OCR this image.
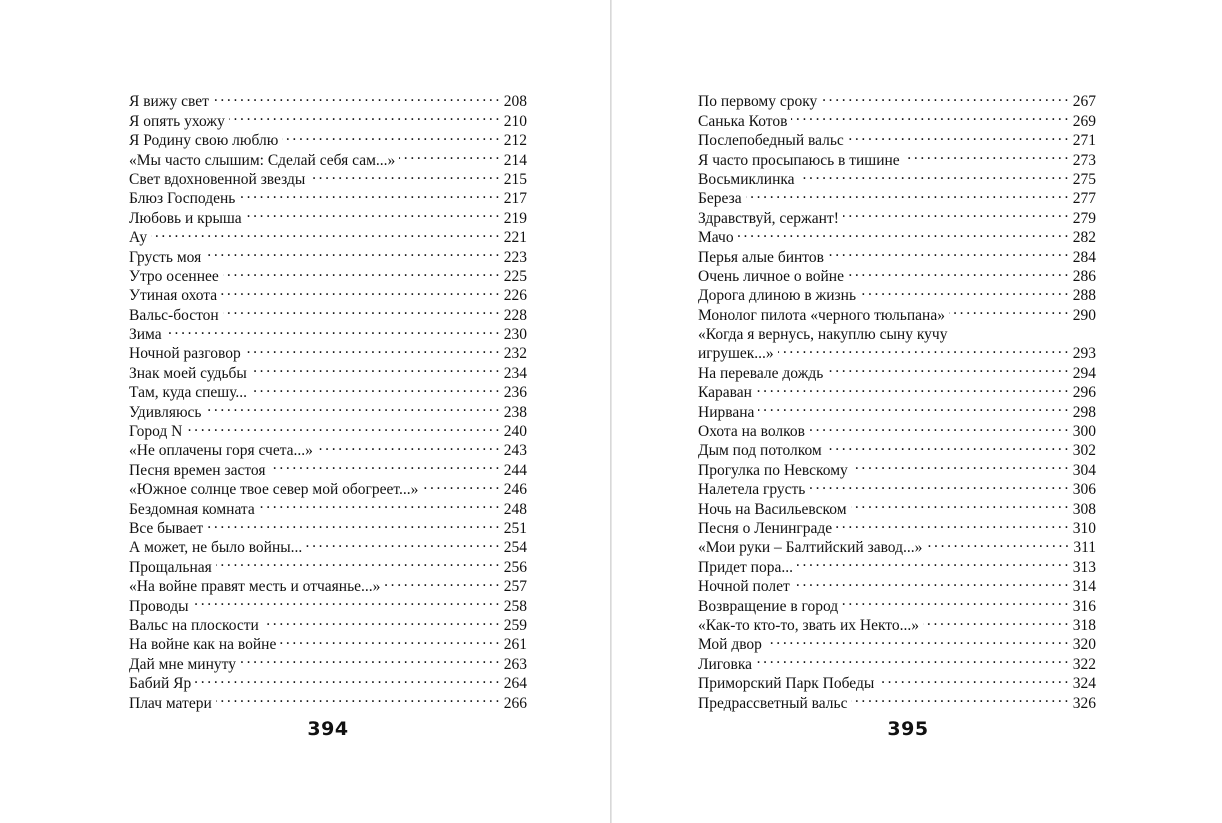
Я вижу свет . . .	208
Я опять ухожу . . .	210
Я Родину свою люблю . . .	212
«Мы часто слышим: Сделай себя сам...» . . .	214
Свет вдохновенной звезды . . .	215
Блюз Господень . . .	217
Любовь и крыша . . .	219
Ау . . .	221
Грусть моя . . .	223
Утро осеннее . . .	225
Утиная охота . . .	226
Вальс-бостон . . .	228
Зима . . .	230
Ночной разговор . . .	232
Знак моей судьбы . . .	234
Там, куда спешу... . . .	236
Удивляюсь . . .	238
Город N . . .	240
«Не оплачены горя счета...» . . .	243
Песня времен застоя . . .	244
«Южное солнце твое север мой обогреет...» . . .	246
Бездомная комната . . .	248
Все бывает . . .	251
А может, не было войны... . . .	254
Прощальная . . .	256
«На войне правят месть и отчаянье...» . . .	257
Проводы . . .	258
Вальс на плоскости . . .	259
На войне как на войне . . .	261
Дай мне минуту . . .	263
Бабий Яр . . .	264
Плач матери . . .	266
394
По первому сроку . . .	267
Санька Котов . . .	269
Послепобедный вальс . . .	271
Я часто просыпаюсь в тишине . . .	273
Восьмиклинка . . .	275
Береза . . .	277
Здравствуй, сержант! . . .	279
Мачо . . .	282
Перья алые бинтов . . .	284
Очень личное о войне . . .	286
Дорога длиною в жизнь . . .	288
Монолог пилота «черного тюльпана» . . .	290
«Когда я вернусь, накуплю сыну кучу
игрушек...» . . .	293
На перевале дождь . . .	294
Караван . . .	296
Нирвана . . .	298
Охота на волков . . .	300
Дым под потолком . . .	302
Прогулка по Невскому . . .	304
Налетела грусть . . .	306
Ночь на Васильевском . . .	308
Песня о Ленинграде . . .	310
«Мои руки – Балтийский завод...» . . .	311
Придет пора... . . .	313
Ночной полет . . .	314
Возвращение в город . . .	316
«Как-то кто-то, звать их Некто...» . . .	318
Мой двор . . .	320
Лиговка . . .	322
Приморский Парк Победы . . .	324
Предрассветный вальс . . .	326
395
